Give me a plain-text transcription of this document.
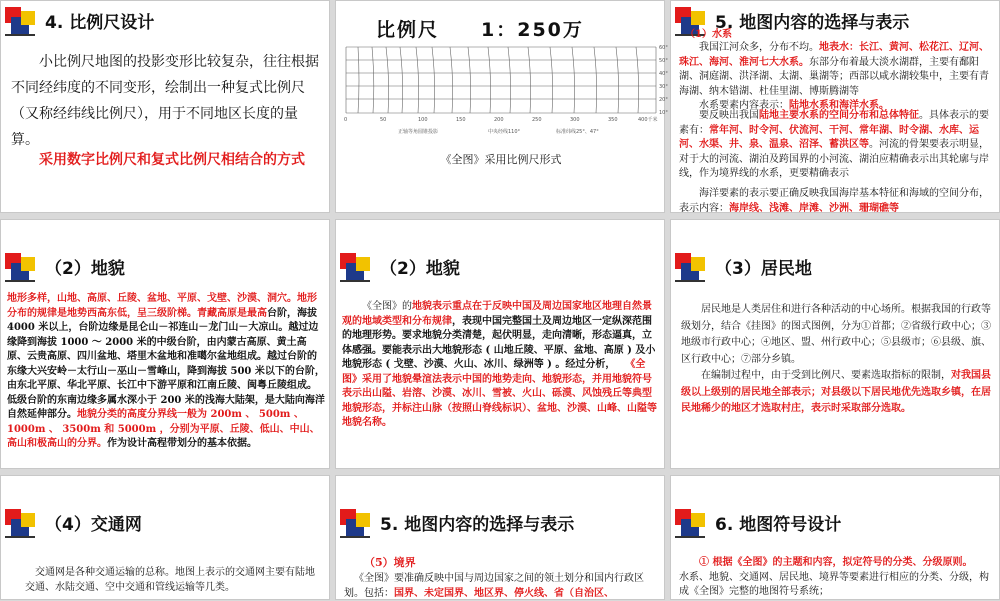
4. 比例尺设计

小比例尺地图的投影变形比较复杂，往往根据不同经纬度的不同变形，绘制出一种复式比例尺（又称经纬线比例尺），用于不同地区长度的量算。

采用数字比例尺和复式比例尺相结合的方式
比例尺　　1：250万
60°
50°
40°
30°
20°
10°
0	50	100	150	200	250	300	350	400千米
正轴等角圆锥投影	中央经线110°	标准纬线25°、47°
《全图》采用比例尺形式
5. 地图内容的选择与表示
（1）水系

我国江河众多，分布不均。地表水：长江、黄河、松花江、辽河、珠江、海河、淮河七大水系。东部分布着最大淡水湖群，主要有鄱阳湖、洞庭湖、洪泽湖、太湖、巢湖等；西部以咸水湖较集中，主要有青海湖、纳木错湖、杜佳里湖、博斯腾湖等

水系要素内容表示：陆地水系和海洋水系。

要反映出我国陆地主要水系的空间分布和总体特征。具体表示的要素有：常年河、时令河、伏流河、干河、常年湖、时令湖、水库、运河、水渠、井、泉、温泉、沼泽、蓄洪区等。河流的骨架要表示明显，对于大的河流、湖泊及跨国界的小河流、湖泊应精确表示出其轮廓与岸线，作为境界线的水系，更要精确表示

海洋要素的表示要正确反映我国海岸基本特征和海域的空间分布，表示内容：海岸线、浅滩、岸滩、沙洲、珊瑚礁等

（2）地貌

地形多样，山地、高原、丘陵、盆地、平原、戈壁、沙漠、洞穴。地形分布的规律是地势西高东低，呈三级阶梯。青藏高原是最高台阶，海拔 4000 米以上，台阶边缘是昆仑山－祁连山－龙门山－大凉山。越过边缘降到海拔 1000 ～ 2000 米的中级台阶，由内蒙古高原、黄土高原、云贵高原、四川盆地、塔里木盆地和准噶尔盆地组成。越过台阶的东缘大兴安岭－太行山－巫山－雪峰山，降到海拔 500 米以下的台阶，由东北平原、华北平原、长江中下游平原和江南丘陵、闽粤丘陵组成。低级台阶的东南边缘多属水深小于 200 米的浅海大陆架，是大陆向海洋自然延伸部分。地貌分类的高度分界线一般为 200m 、 500m 、 1000m 、 3500m 和 5000m ，分别为平原、丘陵、低山、中山、高山和极高山的分界。作为设计高程带划分的基本依据。

（2）地貌

《全图》的地貌表示重点在于反映中国及周边国家地区地理自然景观的地域类型和分布规律，表现中国完整国土及周边地区一定纵深范围的地理形势。要求地貌分类清楚，起伏明显，走向清晰，形态逼真，立体感强。要能表示出大地貌形态 ( 山地丘陵、平原、盆地、高原 ) 及小地貌形态 ( 戈壁、沙漠、火山、冰川、绿洲等 ) 。经过分析，　　《全图》采用了地貌晕渲法表示中国的地势走向、地貌形态，并用地貌符号表示出山隘、岩溶、沙漠、冰川、雪被、火山、砾漠、风蚀残丘等典型地貌形态，并标注山脉（按照山脊线标识）、盆地、沙漠、山峰、山隘等地貌名称。

（3）居民地

居民地是人类居住和进行各种活动的中心场所。根据我国的行政等级划分，结合《挂图》的图式图例，分为①首都；②省级行政中心；③地级市行政中心；④地区、盟、州行政中心；⑤县级市；⑥县级、旗、区行政中心；⑦部分乡镇。

在编制过程中，由于受到比例尺、要素选取指标的限制，对我国县级以上级别的居民地全部表示；对县级以下居民地优先选取乡镇，在居民地稀少的地区才选取村庄，表示时采取部分选取。

（4）交通网

交通网是各种交通运输的总称。地图上表示的交通网主要有陆地交通、水陆交通、空中交通和管线运输等几类。

5. 地图内容的选择与表示
（5）境界

《全图》要准确反映中国与周边国家之间的领土划分和国内行政区划。包括：国界、未定国界、地区界、停火线、省（自治区、

6. 地图符号设计

① 根据《全图》的主题和内容，拟定符号的分类、分级原则。

水系、地貌、交通网、居民地、境界等要素进行相应的分类、分级，构成《全图》完整的地图符号系统；
